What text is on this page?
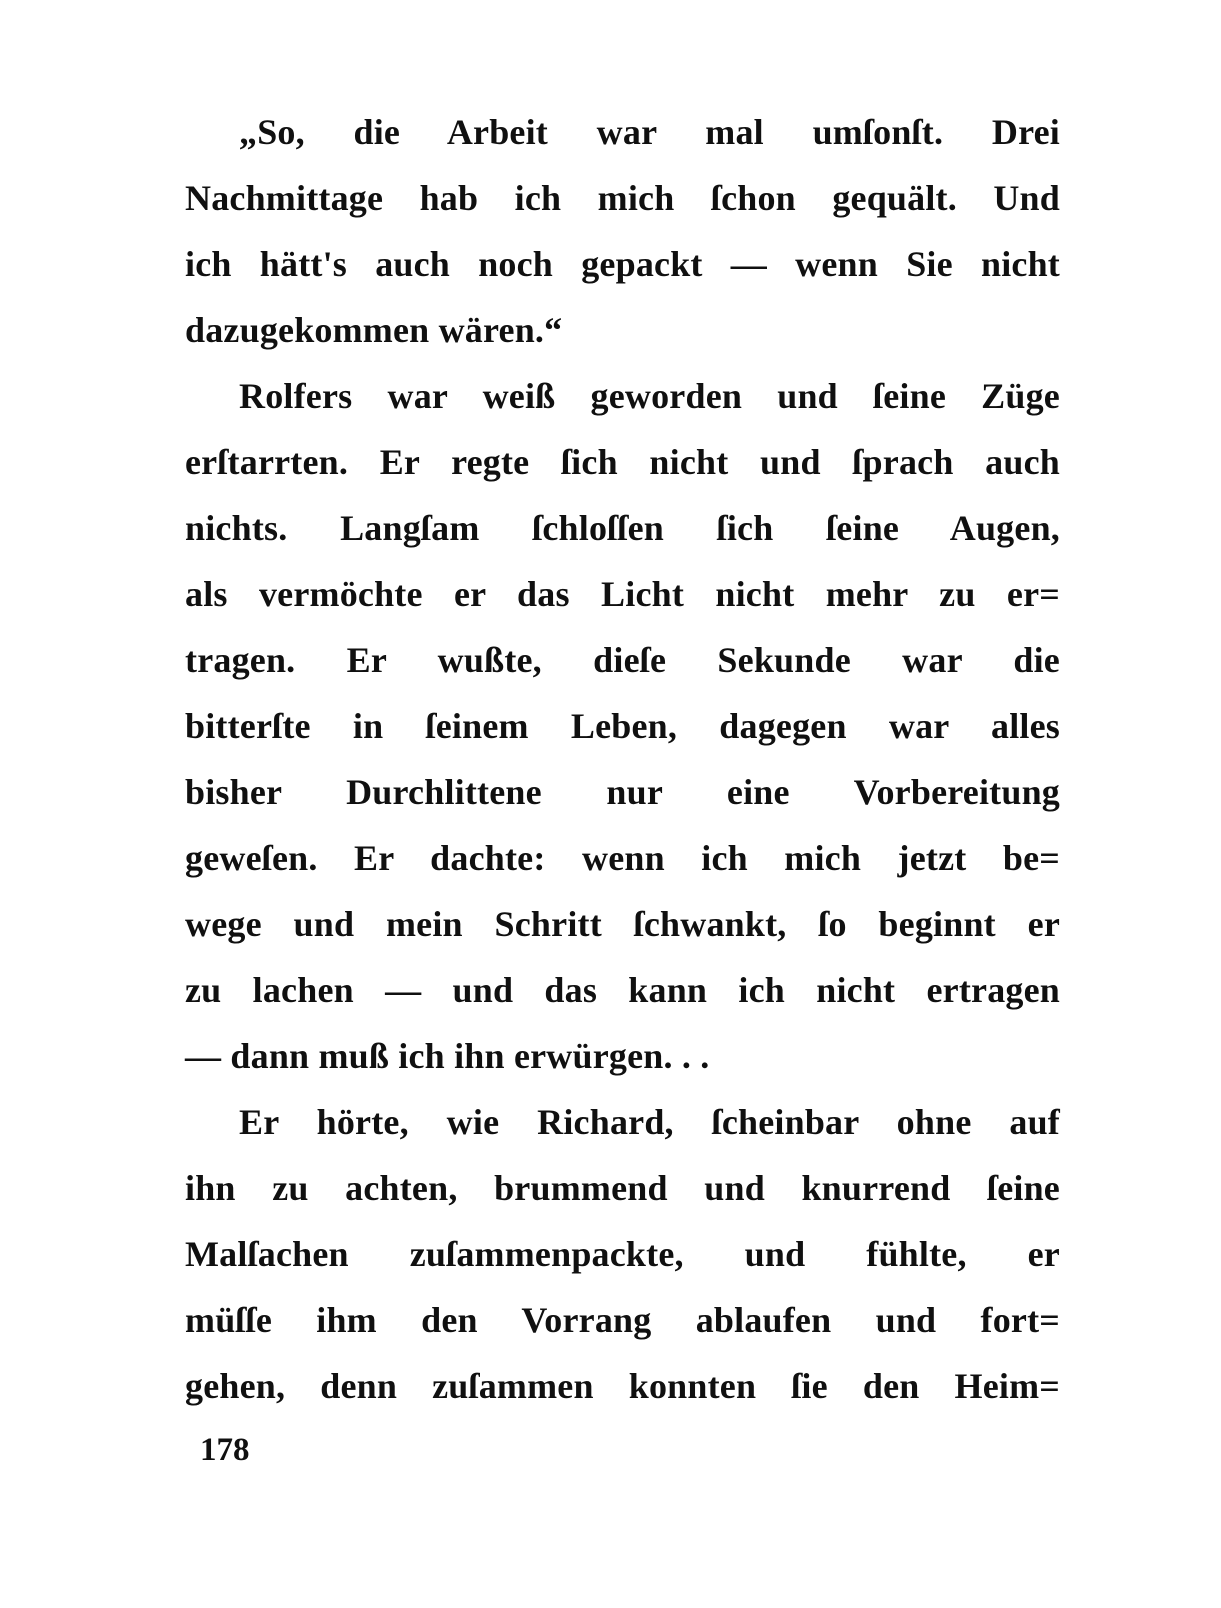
„So, die Arbeit war mal umſonſt. Drei
Nachmittage hab ich mich ſchon gequält. Und
ich hätt's auch noch gepackt — wenn Sie nicht
dazugekommen wären.“
Rolfers war weiß geworden und ſeine Züge
erſtarrten. Er regte ſich nicht und ſprach auch
nichts. Langſam ſchloſſen ſich ſeine Augen,
als vermöchte er das Licht nicht mehr zu er=
tragen. Er wußte, dieſe Sekunde war die
bitterſte in ſeinem Leben, dagegen war alles
bisher Durchlittene nur eine Vorbereitung
geweſen. Er dachte: wenn ich mich jetzt be=
wege und mein Schritt ſchwankt, ſo beginnt er
zu lachen — und das kann ich nicht ertragen
— dann muß ich ihn erwürgen. . .
Er hörte, wie Richard, ſcheinbar ohne auf
ihn zu achten, brummend und knurrend ſeine
Malſachen zuſammenpackte, und fühlte, er
müſſe ihm den Vorrang ablaufen und fort=
gehen, denn zuſammen konnten ſie den Heim=
178
